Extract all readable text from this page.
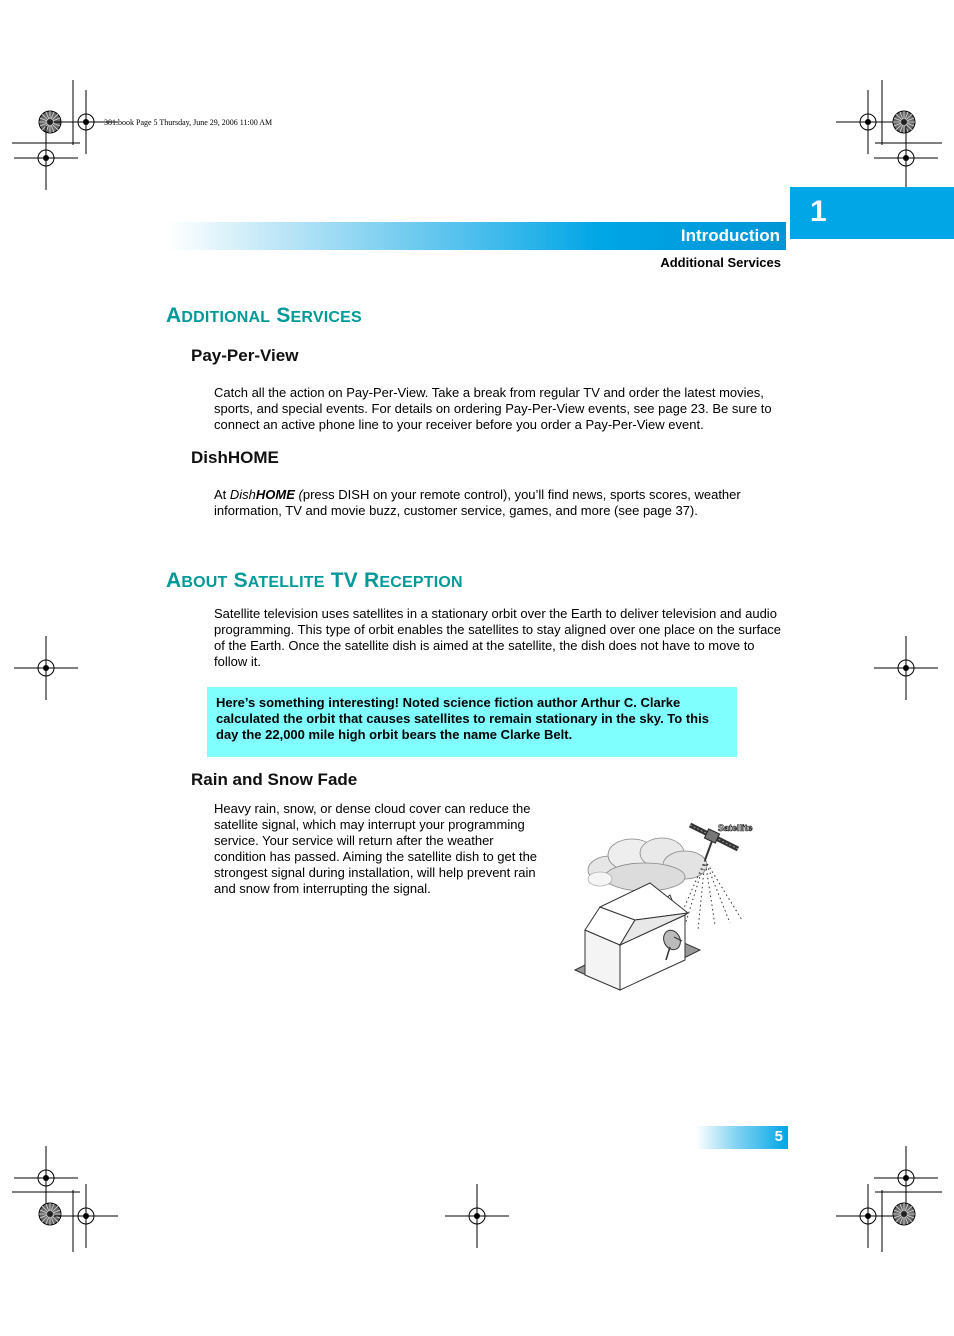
381.book Page 5 Thursday, June 29, 2006 11:00 AM
1
Introduction
Additional Services
ADDITIONAL SERVICES
Pay-Per-View
Catch all the action on Pay-Per-View. Take a break from regular TV and order the latest movies, sports, and special events. For details on ordering Pay-Per-View events, see page 23. Be sure to connect an active phone line to your receiver before you order a Pay-Per-View event.
DishHOME
At DishHOME (press DISH on your remote control), you’ll find news, sports scores, weather information, TV and movie buzz, customer service, games, and more (see page 37).
ABOUT SATELLITE TV RECEPTION
Satellite television uses satellites in a stationary orbit over the Earth to deliver television and audio programming. This type of orbit enables the satellites to stay aligned over one place on the surface of the Earth. Once the satellite dish is aimed at the satellite, the dish does not have to move to follow it.
Here’s something interesting! Noted science fiction author Arthur C. Clarke calculated the orbit that causes satellites to remain stationary in the sky. To this day the 22,000 mile high orbit bears the name Clarke Belt.
Rain and Snow Fade
Heavy rain, snow, or dense cloud cover can reduce the satellite signal, which may interrupt your programming service. Your service will return after the weather condition has passed. Aiming the satellite dish to get the strongest signal during installation, will help prevent rain and snow from interrupting the signal.
Satellite
5
